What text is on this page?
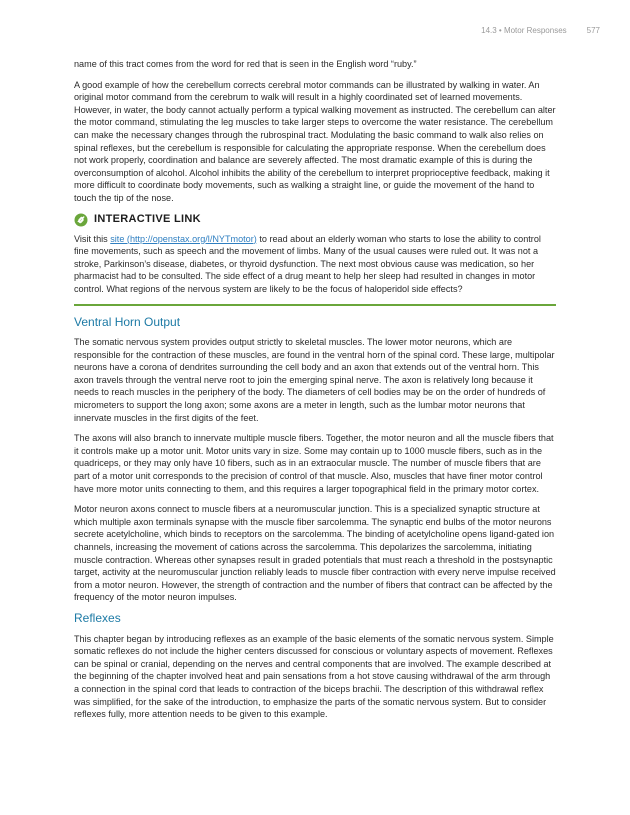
14.3 • Motor Responses	577

name of this tract comes from the word for red that is seen in the English word “ruby.”

A good example of how the cerebellum corrects cerebral motor commands can be illustrated by walking in water. An original motor command from the cerebrum to walk will result in a highly coordinated set of learned movements. However, in water, the body cannot actually perform a typical walking movement as instructed. The cerebellum can alter the motor command, stimulating the leg muscles to take larger steps to overcome the water resistance. The cerebellum can make the necessary changes through the rubrospinal tract. Modulating the basic command to walk also relies on spinal reflexes, but the cerebellum is responsible for calculating the appropriate response. When the cerebellum does not work properly, coordination and balance are severely affected. The most dramatic example of this is during the overconsumption of alcohol. Alcohol inhibits the ability of the cerebellum to interpret proprioceptive feedback, making it more difficult to coordinate body movements, such as walking a straight line, or guide the movement of the hand to touch the tip of the nose.

INTERACTIVE LINK

Visit this site (http://openstax.org/l/NYTmotor) to read about an elderly woman who starts to lose the ability to control fine movements, such as speech and the movement of limbs. Many of the usual causes were ruled out. It was not a stroke, Parkinson’s disease, diabetes, or thyroid dysfunction. The next most obvious cause was medication, so her pharmacist had to be consulted. The side effect of a drug meant to help her sleep had resulted in changes in motor control. What regions of the nervous system are likely to be the focus of haloperidol side effects?

Ventral Horn Output

The somatic nervous system provides output strictly to skeletal muscles. The lower motor neurons, which are responsible for the contraction of these muscles, are found in the ventral horn of the spinal cord. These large, multipolar neurons have a corona of dendrites surrounding the cell body and an axon that extends out of the ventral horn. This axon travels through the ventral nerve root to join the emerging spinal nerve. The axon is relatively long because it needs to reach muscles in the periphery of the body. The diameters of cell bodies may be on the order of hundreds of micrometers to support the long axon; some axons are a meter in length, such as the lumbar motor neurons that innervate muscles in the first digits of the feet.

The axons will also branch to innervate multiple muscle fibers. Together, the motor neuron and all the muscle fibers that it controls make up a motor unit. Motor units vary in size. Some may contain up to 1000 muscle fibers, such as in the quadriceps, or they may only have 10 fibers, such as in an extraocular muscle. The number of muscle fibers that are part of a motor unit corresponds to the precision of control of that muscle. Also, muscles that have finer motor control have more motor units connecting to them, and this requires a larger topographical field in the primary motor cortex.

Motor neuron axons connect to muscle fibers at a neuromuscular junction. This is a specialized synaptic structure at which multiple axon terminals synapse with the muscle fiber sarcolemma. The synaptic end bulbs of the motor neurons secrete acetylcholine, which binds to receptors on the sarcolemma. The binding of acetylcholine opens ligand-gated ion channels, increasing the movement of cations across the sarcolemma. This depolarizes the sarcolemma, initiating muscle contraction. Whereas other synapses result in graded potentials that must reach a threshold in the postsynaptic target, activity at the neuromuscular junction reliably leads to muscle fiber contraction with every nerve impulse received from a motor neuron. However, the strength of contraction and the number of fibers that contract can be affected by the frequency of the motor neuron impulses.

Reflexes

This chapter began by introducing reflexes as an example of the basic elements of the somatic nervous system. Simple somatic reflexes do not include the higher centers discussed for conscious or voluntary aspects of movement. Reflexes can be spinal or cranial, depending on the nerves and central components that are involved. The example described at the beginning of the chapter involved heat and pain sensations from a hot stove causing withdrawal of the arm through a connection in the spinal cord that leads to contraction of the biceps brachii. The description of this withdrawal reflex was simplified, for the sake of the introduction, to emphasize the parts of the somatic nervous system. But to consider reflexes fully, more attention needs to be given to this example.
